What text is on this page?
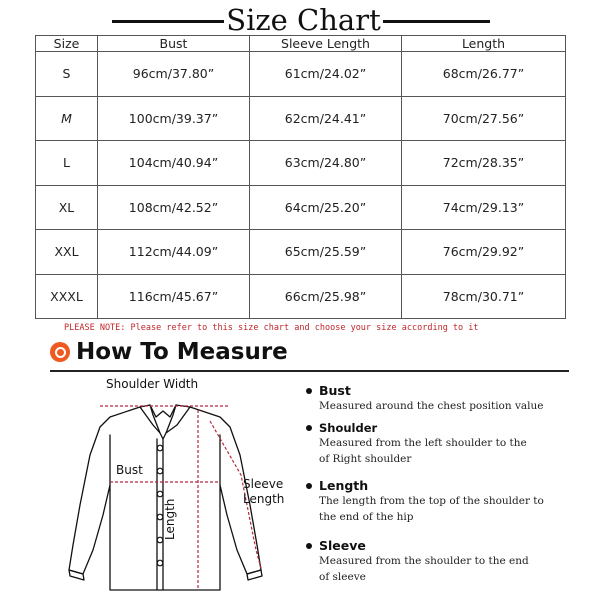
Size Chart
Size	Bust	Sleeve Length	Length
S	96cm/37.80”	61cm/24.02”	68cm/26.77”
M	100cm/39.37”	62cm/24.41”	70cm/27.56”
L	104cm/40.94”	63cm/24.80”	72cm/28.35”
XL	108cm/42.52”	64cm/25.20”	74cm/29.13”
XXL	112cm/44.09”	65cm/25.59”	76cm/29.92”
XXXL	116cm/45.67”	66cm/25.98”	78cm/30.71”
PLEASE NOTE: Please refer to this size chart and choose your size according to it
How To Measure
Shoulder Width
Bust
Sleeve Length
Length
Bust
Measured around the chest position value
Shoulder
Measured from the left shoulder to the
of Right shoulder
Length
The length from the top of the shoulder to
the end of the hip
Sleeve
Measured from the shoulder to the end
of sleeve
